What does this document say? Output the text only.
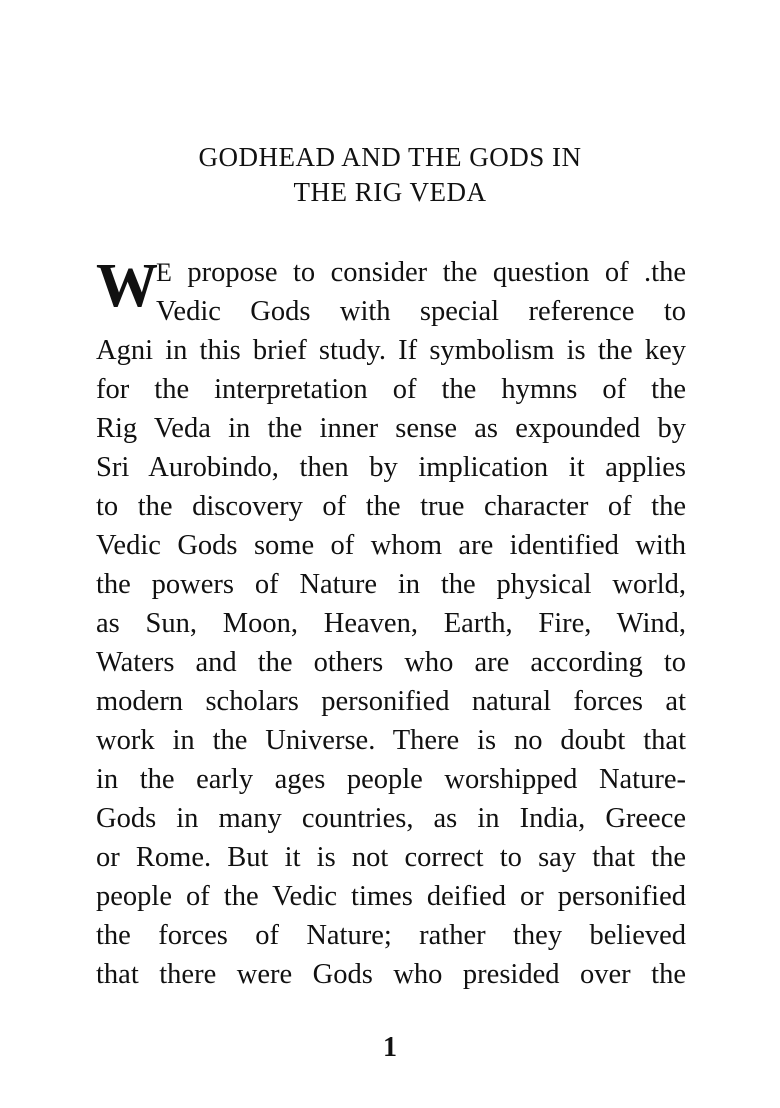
GODHEAD AND THE GODS IN
THE RIG VEDA
W
E propose to consider the question of .the
Vedic Gods with special reference to
Agni in this brief study. If symbolism is the key
for the interpretation of the hymns of the
Rig Veda in the inner sense as expounded by
Sri Aurobindo, then by implication it applies
to the discovery of the true character of the
Vedic Gods some of whom are identified with
the powers of Nature in the physical world,
as Sun, Moon, Heaven, Earth, Fire, Wind,
Waters and the others who are according to
modern scholars personified natural forces at
work in the Universe. There is no doubt that
in the early ages people worshipped Nature-
Gods in many countries, as in India, Greece
or Rome. But it is not correct to say that the
people of the Vedic times deified or personified
the forces of Nature; rather they believed
that there were Gods who presided over the
1
